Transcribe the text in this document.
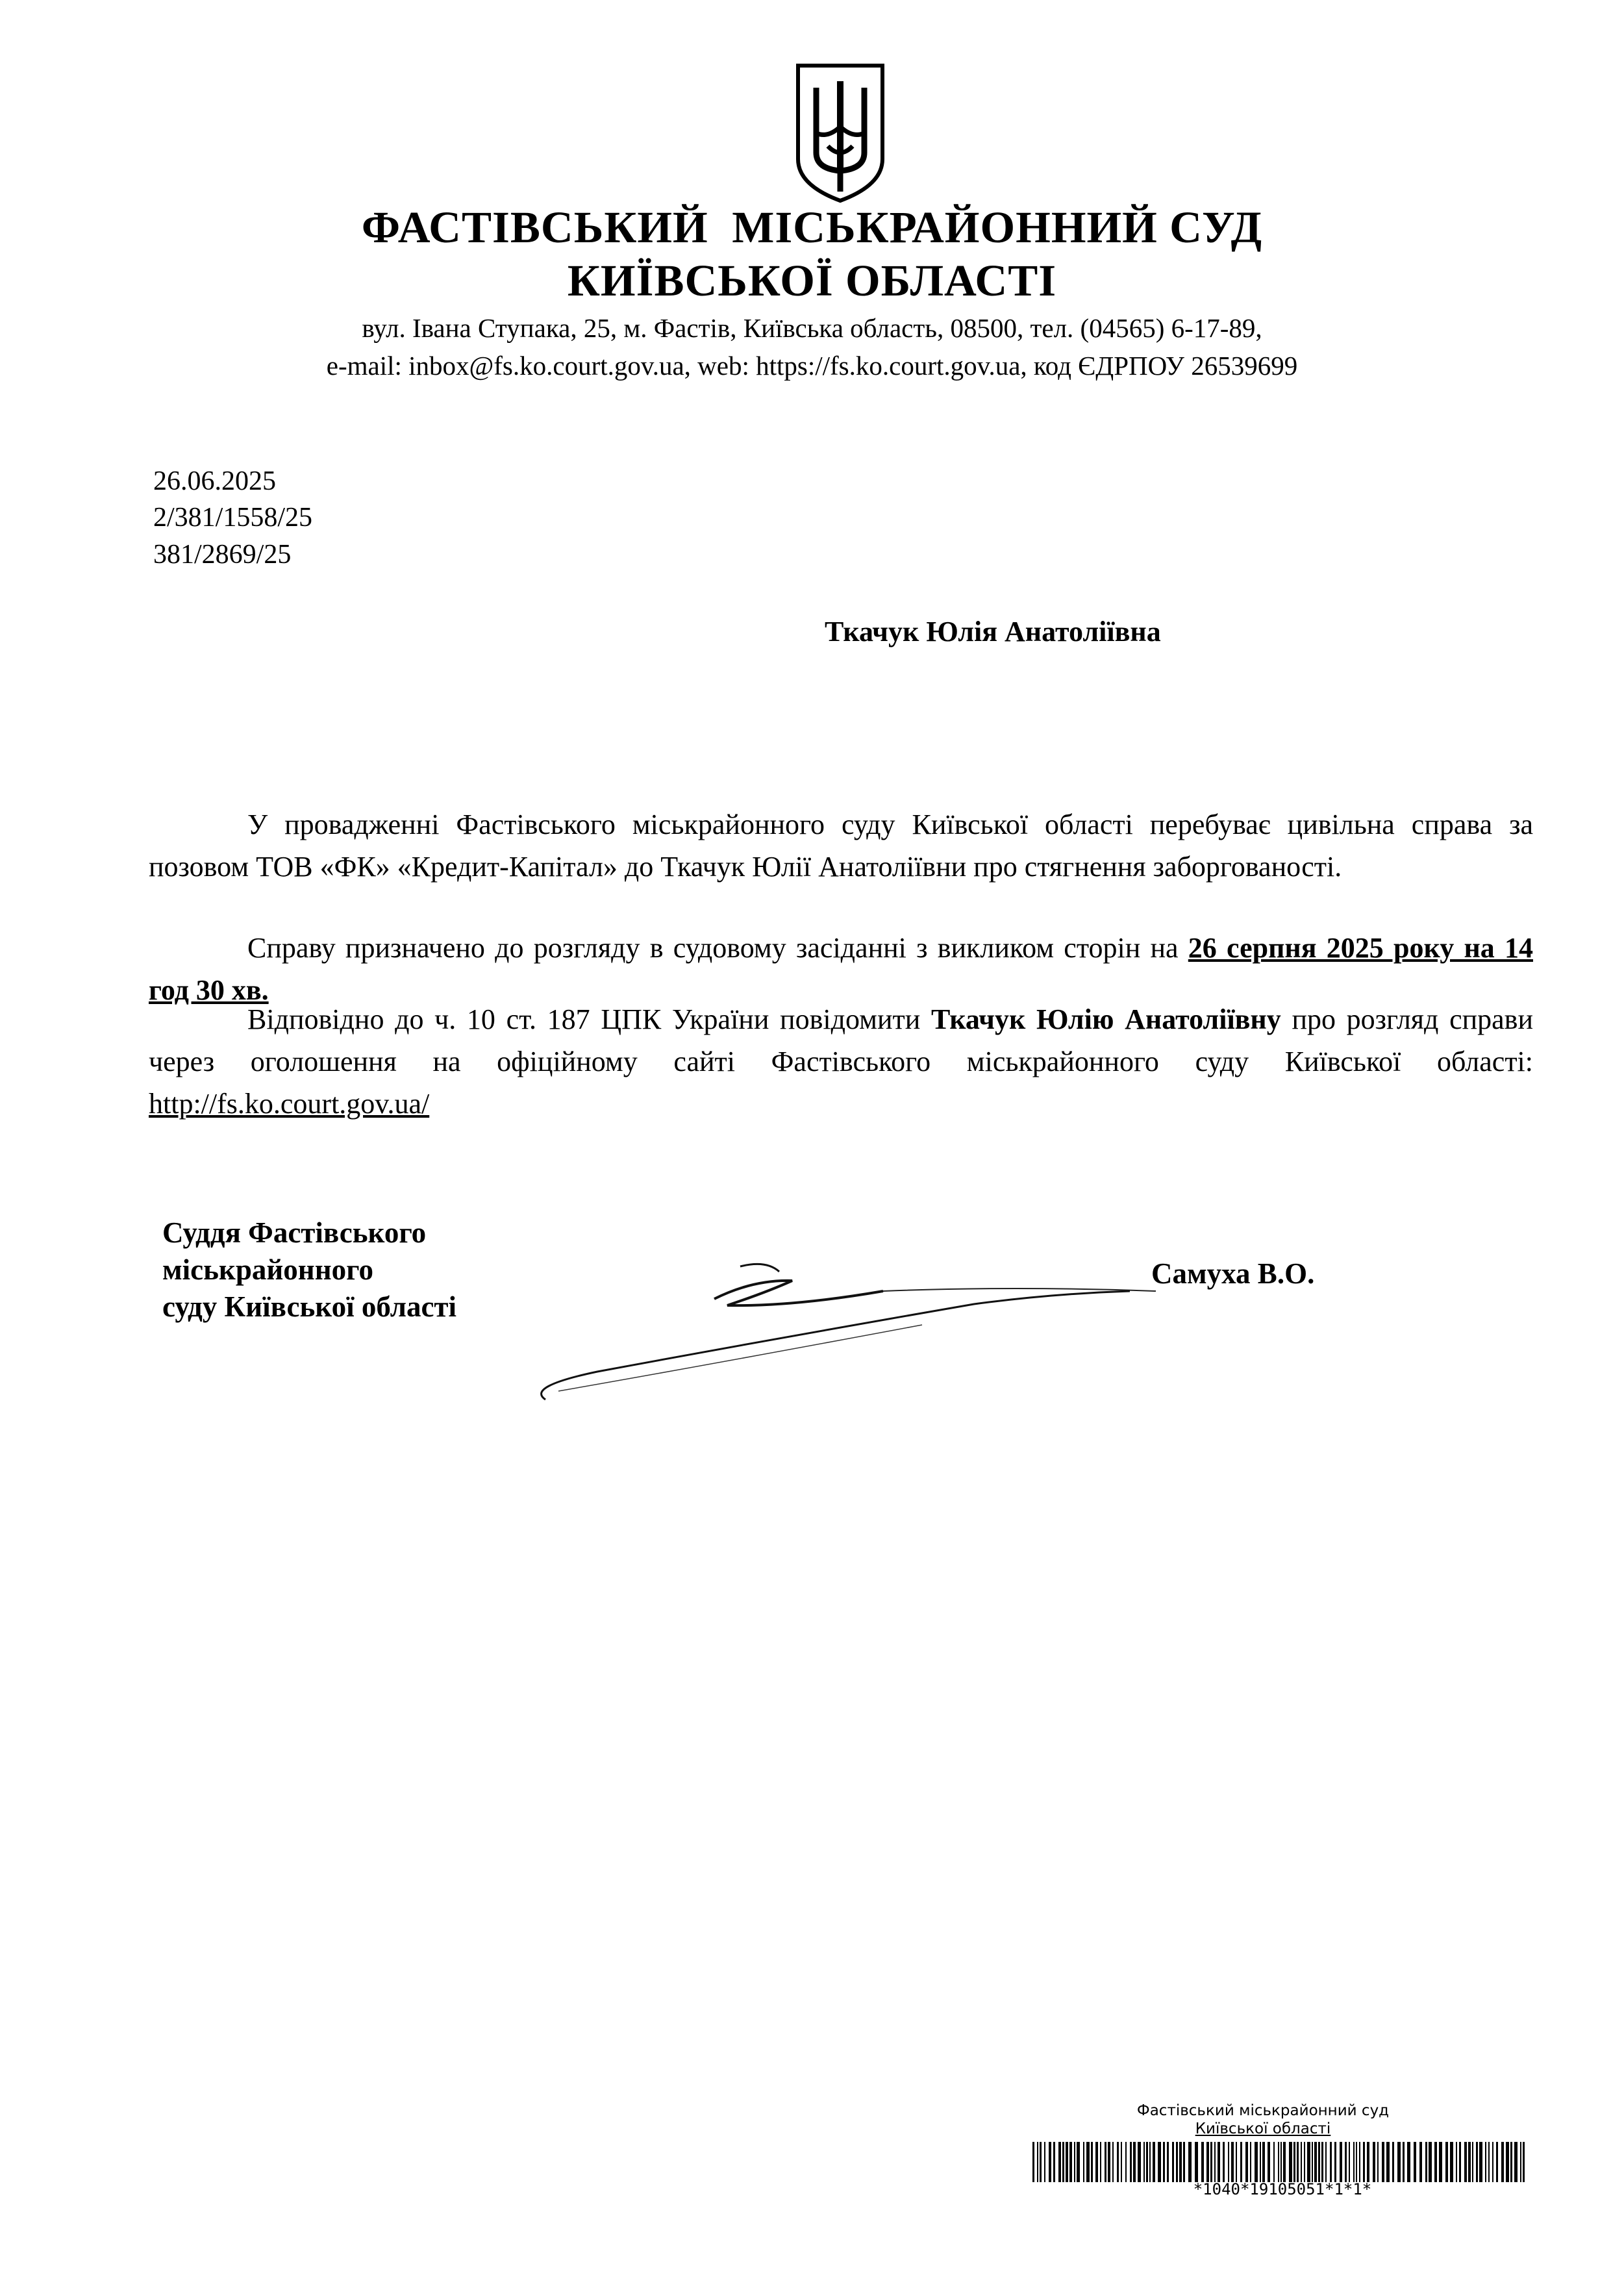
ФАСТІВСЬКИЙ  МІСЬКРАЙОННИЙ СУД
КИЇВСЬКОЇ ОБЛАСТІ
вул. Івана Ступака, 25, м. Фастів, Київська область, 08500, тел. (04565) 6-17-89,
e-mail: inbox@fs.ko.court.gov.ua, web: https://fs.ko.court.gov.ua, код ЄДРПОУ 26539699
26.06.2025
2/381/1558/25
381/2869/25
Ткачук Юлія Анатоліївна
У провадженні Фастівського міськрайонного суду Київської області перебуває цивільна справа за позовом ТОВ «ФК» «Кредит-Капітал» до Ткачук Юлії Анатоліївни про стягнення заборгованості.
Справу призначено до розгляду в судовому засіданні з викликом сторін на 26 серпня 2025 року на 14 год 30 хв.
Відповідно до ч. 10 ст. 187 ЦПК України повідомити Ткачук Юлію Анатоліївну про розгляд справи через оголошення на офіційному сайті Фастівського міськрайонного суду Київської області: http://fs.ko.court.gov.ua/
Суддя Фастівського
міськрайонного
суду Київської області
Самуха В.О.
Фастівський міськрайонний суд
Київської області
*1040*19105051*1*1*
